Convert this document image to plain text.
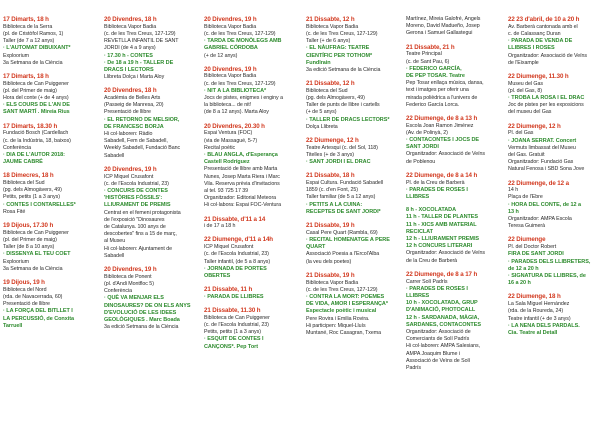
17 Dimarts, 18 h
Biblioteca de la Serra
(pl. de Cristòfol Ramos, 1)
Taller (de 7 a 12 anys)
· L'AUTOMAT DIBUIXANT*
Exploorium
3a Setmana de la Ciència
17 Dimarts, 18 h
Biblioteca de Can Puiggener
(pl. del Primer de maig)
Hora del conte (+ de 4 anys)
· ELS COURS DE L'AN DE
SANT MARTÍ . Mireia Rius
17 Dimarts, 18.30 h
Fundació Bosch (Cardellach
(c. de la Indústria, 18, baixos)
Conferència
· DIA DE L'AUTOR 2018:
JAUME CABRÉ
18 Dimecres, 18 h
Biblioteca del Sud
(pg. dels Almogàvers, 49)
Petits, petits (1 a 3 anys)
· CONTES I CONTARELLES*
Rosa Fité
19 Dijous, 17.30 h
Biblioteca de Can Puiggener
(pl. del Primer de maig)
Taller (de 8 a 10 anys)
· DISSENYA EL TEU COET
Exploorium
3a Setmana de la Ciència
19 Dijous, 19 h
Biblioteca del Nord
(rda. de Navacerrada, 60)
Presentació de llibre
· LA FORÇA DEL BITLLET I
LA PERCUSSIÓ, de Conxita
Tarruell
20 Divendres, 18 h
Biblioteca Vapor Badia
(c. de les Tres Creus, 127-129)
REVETLLA INFANTIL DE SANT
JORDI (de 4 a 9 anys)
· 17.30 h - CONTES
· De 18 a 19 h - TALLER DE
DRACS I LECTORS
Llibreta Dolça i Marta Aloy
20 Divendres, 18 h
Acadèmia de Belles Arts
(Passeig de Manresa, 20)
Presentació de llibre
· EL RETORNO DE MELSIOR,
DE FRANCESC BORJA
Hi col·laboren: Ràdio
Sabadell, Fem de Sabadell,
Weekly Sabadell, Fundació Banc
Sabadell
20 Divendres, 19 h
ICP Miquel Crusafont
(c. de l'Escola Industrial, 23)
· CONCURS DE CONTES
'HISTÒRIES FÒSSILS':
LLIURAMENT DE PREMIS
Centrat en el femeni protagonista
de l'exposició "Dinosaures
de Catalunya. 100 anys de
descobertes" fins a 15 de març,
al Museu
Hi col·laboren: Ajuntament de
Sabadell
20 Divendres, 19 h
Biblioteca de Ponent
(pl. d'Andi Montfloc 5)
Conferència
· QUÈ VA MENJAR ELS
DINOSAURES? DE ON ELS ANYS
D'EVOLUCIÓ DE LES IDEES
GEOLÒGIQUES . Marc Boada
3a edició Setmana de la Ciència
20 Divendres, 19 h
Biblioteca Vapor Badia
(c. de les Tres Creus, 127-129)
· TARDA DE MONÒLEGS AMB
GABRIEL CÓRDOBA
(+ de 12 anys)
20 Divendres, 19 h
Biblioteca Vapor Badia
(c. de les Tres Creus, 127-129)
· NIT A LA BIBLIOTECA*
Jocs de pistes, enigmes i enginy a
la biblioteca... de nit!
(de 8 a 12 anys). Marta Aloy
20 Divendres, 20.30 h
Espai Ventura (FOC)
(via de Massagué, 5-7)
Recital poètic
· BLAU ANGLA, d'Esperança
Castell Rodríguez
Presentació de llibre amb Marta
Nunes, Josep Marta Riera i Marc
Vila. Reserva prèvia d'invitacions
al tel. 93 725 17 39
Organitzador: Editorial Meteora
Hi col·labora: Espai FOC-Ventura
21 Dissabte, d'11 a 14
i de 17 a 18 h
22 Diumenge, d'11 a 14h
ICP Miquel Crusafont
(c. de l'Escola Industrial, 23)
Taller infantil, (de 5 a 8 anys)
· JORNADA DE PORTES
OBERTES
21 Dissabte, 11 h
· PARADA DE LLIBRES
21 Dissabte, 11.30 h
Biblioteca de Can Puiggener
(c. de l'Escola Industrial, 23)
Petits, petits (1 a 3 anys)
· ESQUIT DE CONTES I
CANÇONS*. Pep Tort
21 Dissabte, 12 h
Biblioteca Vapor Badia
(c. de les Tres Creus, 127-129)
Taller (+ de 6 anys)
· EL NÀUFRAG: TEATRE
CIENTÍFIC PER TOTHOM*
Fundlrain
3a edició Setmana de la Ciència
21 Dissabte, 12 h
Biblioteca del Sud
(pg. dels Almogàvers, 49)
Taller de punts de llibre i cartells
(+ de 5 anys)
· TALLER DE DRACS LECTORS*
Dolça Llibreta
22 Diumenge, 12 h
Teatre Artesqui (c. del Sol, 118)
Titelles (+ de 3 anys)
· SANT JORDI I EL DRAC
21 Dissabte, 18 h
Espai Cultura. Fundació Sabadell
1859 (c. d'en Font, 25)
Taller familiar (de 5 a 12 anys)
· PETITS A LA CUINA:
RECEPTES DE SANT JORDI*
21 Dissabte, 19 h
Casal Pere Quart (Rambla, 69)
· RECITAL HOMENATGE A PERE
QUART
Associació Poesia a l'Ercol'Alba
(la veu dels poetes)
21 Dissabte, 19 h
Biblioteca Vapor Badia
(c. de les Tres Creus, 127-129)
· CONTRA LA MORT: POEMES
DE VIDA, AMOR I ESPERANÇA*
Espectacle poètic i musical
Pere Rovira i Emilia Rovira.
Hi participen: Miquel-Lluís
Muntané, Roc Casagran, Txema
Martínez, Mireia Galofré, Àngels
Moreno, David Madueño, Josep
Gerona i Samuel Gallastegui
21 Dissabte, 21 h
Teatre Principal
(c. de Sant Pau, 6)
· FEDERICO GARCÍA,
DE PEP TOSAR. Teatre
Pep Tosar enllaça música, dansa,
text i imatges per oferir una
mirada polièdrica a l'univers de
Federico García Lorca.
22 Diumenge, de 8 a 13 h
Escola Joan Ramon Jiménez
(Av. de Polinyà, 2)
· CONTACONTES I JOCS DE
SANT JORDI
Organitzador: Associació de Veïns
de Poblenou
22 Diumenge, de 8 a 14 h
Pl. de la Creu de Barberà
· PARADES DE ROSES I
LLIBRES
8 h - XOCOLATADA
11 h - TALLER DE PLANTES
11 h - XICS AMB MATERIAL
RECICLAT
12 h - LLIURAMENT PREMIS
12 h CONCURS LITERARI
Organitzador: Associació de Veïns
de la Creu de Barberà
22 Diumenge, de 8 a 17 h
Carrer Solí Padrís
· PARADES DE ROSES I
LLIBRES
10 h - XOCOLATADA, GRUP
D'ANIMACIÓ, PHOTOCALL
12 h - SARDANADA, MÀGIA,
SARDANES, CONTACONTES
Organitzador: Associació de
Comerciants de Solí Padrís
Hi col·laboren: AMPA Salesians,
AMPA Joaquim Blume i
Associació de Veïns de Solí
Padrís
22 23 d'abril, de 10 a 20 h
Av. Barberà cantonada amb el
c. de Calassanç Duran
· PARADA DE VENDA DE
LLIBRES I ROSES
Organitzador: Associació de Veïns
de l'Eixample
22 Diumenge, 11.30 h
Museu del Gas
(pl. del Gas, 8)
· TROBA LA ROSA I EL DRAC
Joc de pistes per les exposicions
del museu del Gas
22 Diumenge, 12 h
Pl. del Gas
· JOANA SERRAT. Concert
Vermuts limbassat del Museu
del Gas. Gratuït
Organitzador: Fundació Gas
Natural Fenosa i SBD Sona Jove
22 Diumenge, de 12 a
14 h
Plaça de l'Ebre
· HORA DEL CONTE, de 12 a
13 h
Organitzador: AMPA Escola
Teresa Guimerà
22 Diumenge
Pl. del Doctor Robert
FIRA DE SANT JORDI
· PARADES DELS LLIBRETERS,
de 12 a 20 h
· SIGNATURA DE LLIBRES, de
16 a 20 h
22 Diumenge, 18 h
La Sala Miguel Hernández
(rda. de la Roureda, 24)
Teatre infantil (+ de 3 anys)
· LA NENA DELS PARDALS.
Cia. Teatre al Detall
